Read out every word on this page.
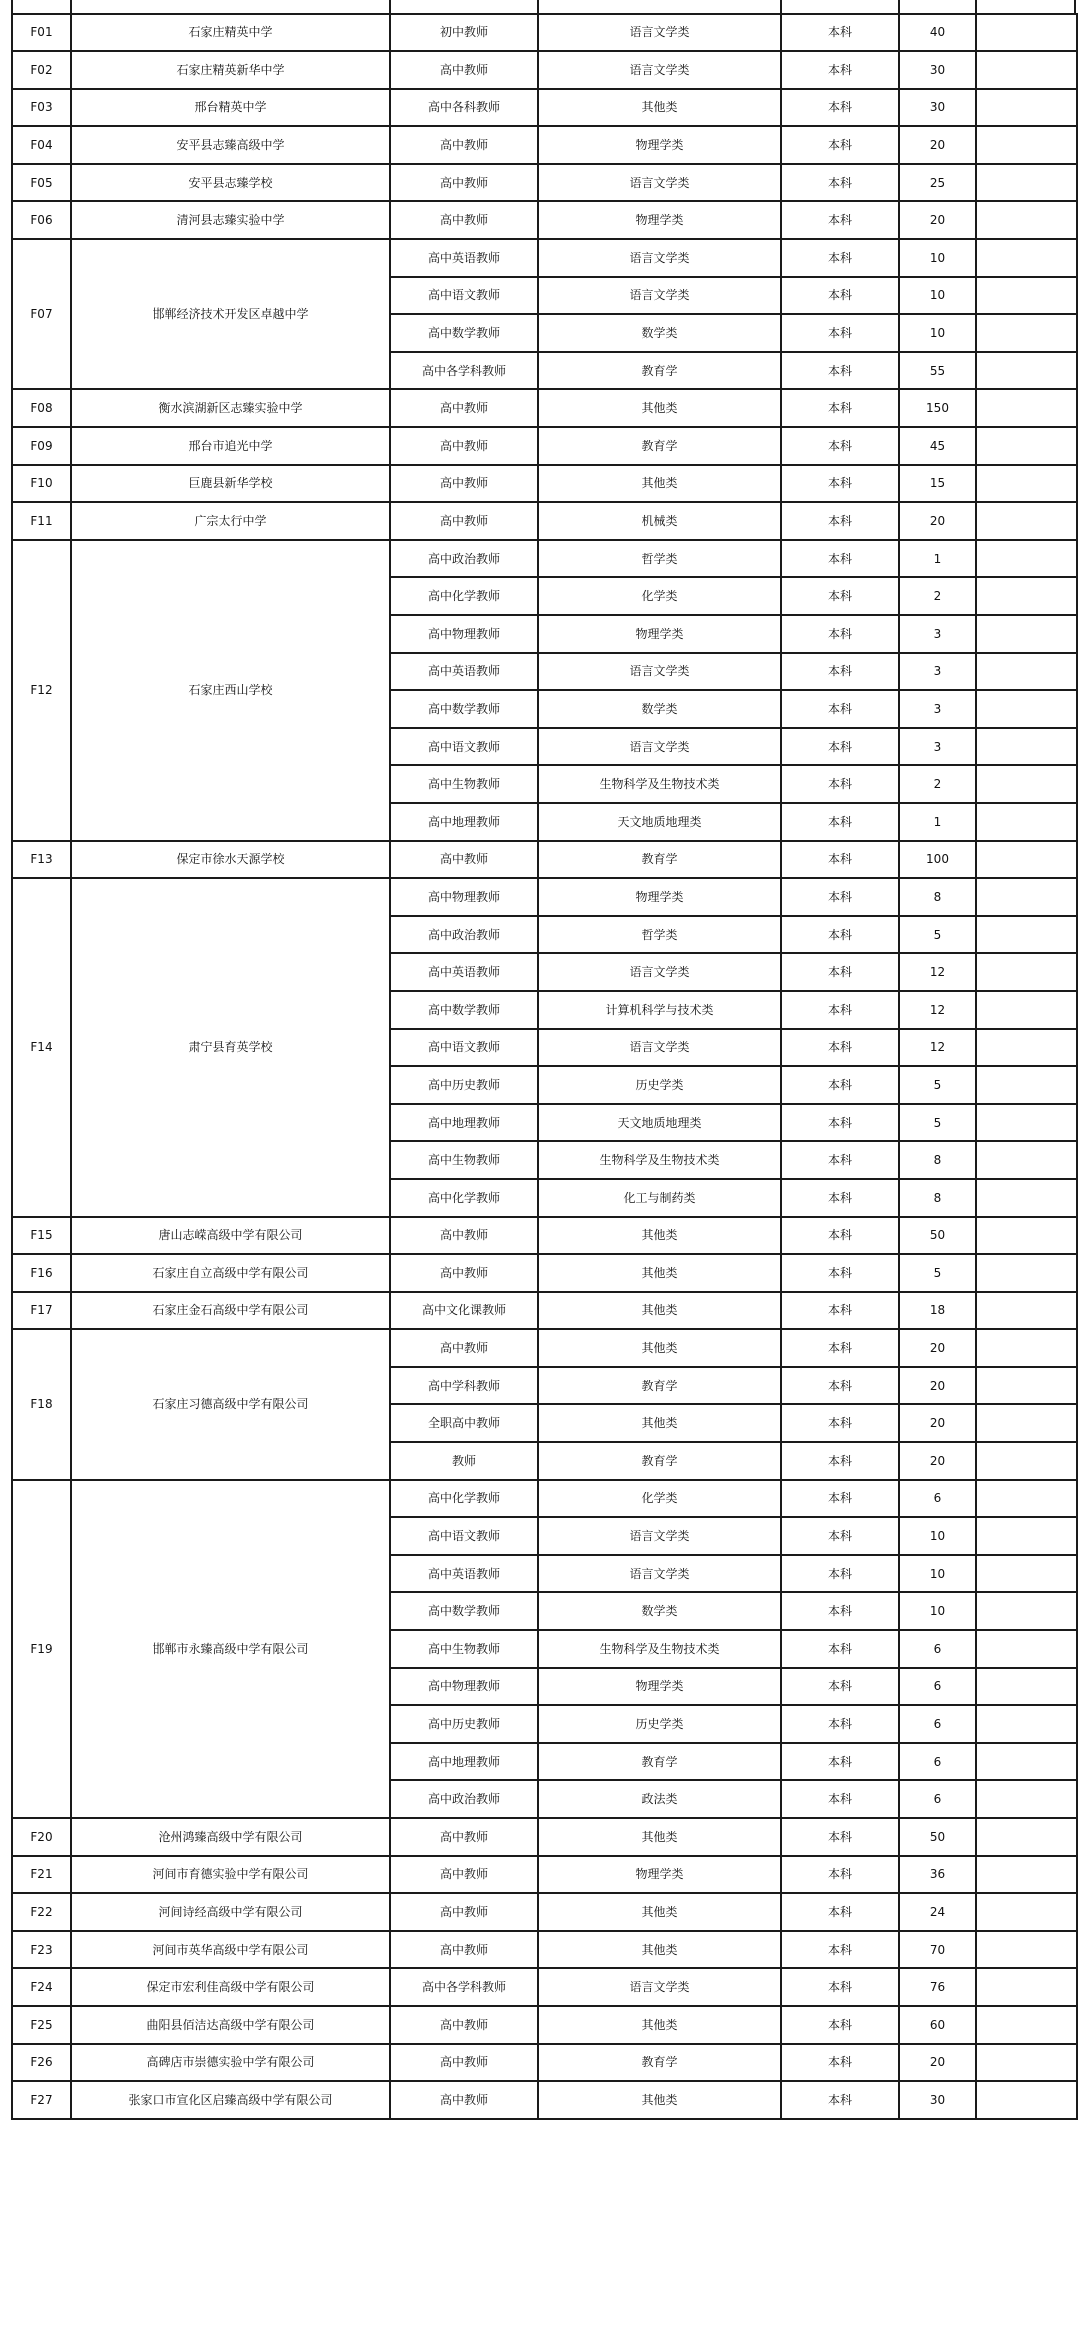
F01	石家庄精英中学	初中教师	语言文学类	本科	40	
F02	石家庄精英新华中学	高中教师	语言文学类	本科	30	
F03	邢台精英中学	高中各科教师	其他类	本科	30	
F04	安平县志臻高级中学	高中教师	物理学类	本科	20	
F05	安平县志臻学校	高中教师	语言文学类	本科	25	
F06	清河县志臻实验中学	高中教师	物理学类	本科	20	
F07	邯郸经济技术开发区卓越中学	高中英语教师	语言文学类	本科	10	
		高中语文教师	语言文学类	本科	10	
		高中数学教师	数学类	本科	10	
		高中各学科教师	教育学	本科	55	
F08	衡水滨湖新区志臻实验中学	高中教师	其他类	本科	150	
F09	邢台市追光中学	高中教师	教育学	本科	45	
F10	巨鹿县新华学校	高中教师	其他类	本科	15	
F11	广宗太行中学	高中教师	机械类	本科	20	
F12	石家庄西山学校	高中政治教师	哲学类	本科	1	
		高中化学教师	化学类	本科	2	
		高中物理教师	物理学类	本科	3	
		高中英语教师	语言文学类	本科	3	
		高中数学教师	数学类	本科	3	
		高中语文教师	语言文学类	本科	3	
		高中生物教师	生物科学及生物技术类	本科	2	
		高中地理教师	天文地质地理类	本科	1	
F13	保定市徐水天源学校	高中教师	教育学	本科	100	
F14	肃宁县育英学校	高中物理教师	物理学类	本科	8	
		高中政治教师	哲学类	本科	5	
		高中英语教师	语言文学类	本科	12	
		高中数学教师	计算机科学与技术类	本科	12	
		高中语文教师	语言文学类	本科	12	
		高中历史教师	历史学类	本科	5	
		高中地理教师	天文地质地理类	本科	5	
		高中生物教师	生物科学及生物技术类	本科	8	
		高中化学教师	化工与制药类	本科	8	
F15	唐山志嵘高级中学有限公司	高中教师	其他类	本科	50	
F16	石家庄自立高级中学有限公司	高中教师	其他类	本科	5	
F17	石家庄金石高级中学有限公司	高中文化课教师	其他类	本科	18	
F18	石家庄习德高级中学有限公司	高中教师	其他类	本科	20	
		高中学科教师	教育学	本科	20	
		全职高中教师	其他类	本科	20	
		教师	教育学	本科	20	
F19	邯郸市永臻高级中学有限公司	高中化学教师	化学类	本科	6	
		高中语文教师	语言文学类	本科	10	
		高中英语教师	语言文学类	本科	10	
		高中数学教师	数学类	本科	10	
		高中生物教师	生物科学及生物技术类	本科	6	
		高中物理教师	物理学类	本科	6	
		高中历史教师	历史学类	本科	6	
		高中地理教师	教育学	本科	6	
		高中政治教师	政法类	本科	6	
F20	沧州鸿臻高级中学有限公司	高中教师	其他类	本科	50	
F21	河间市育德实验中学有限公司	高中教师	物理学类	本科	36	
F22	河间诗经高级中学有限公司	高中教师	其他类	本科	24	
F23	河间市英华高级中学有限公司	高中教师	其他类	本科	70	
F24	保定市宏利佳高级中学有限公司	高中各学科教师	语言文学类	本科	76	
F25	曲阳县佰洁达高级中学有限公司	高中教师	其他类	本科	60	
F26	高碑店市崇德实验中学有限公司	高中教师	教育学	本科	20	
F27	张家口市宣化区启臻高级中学有限公司	高中教师	其他类	本科	30	
